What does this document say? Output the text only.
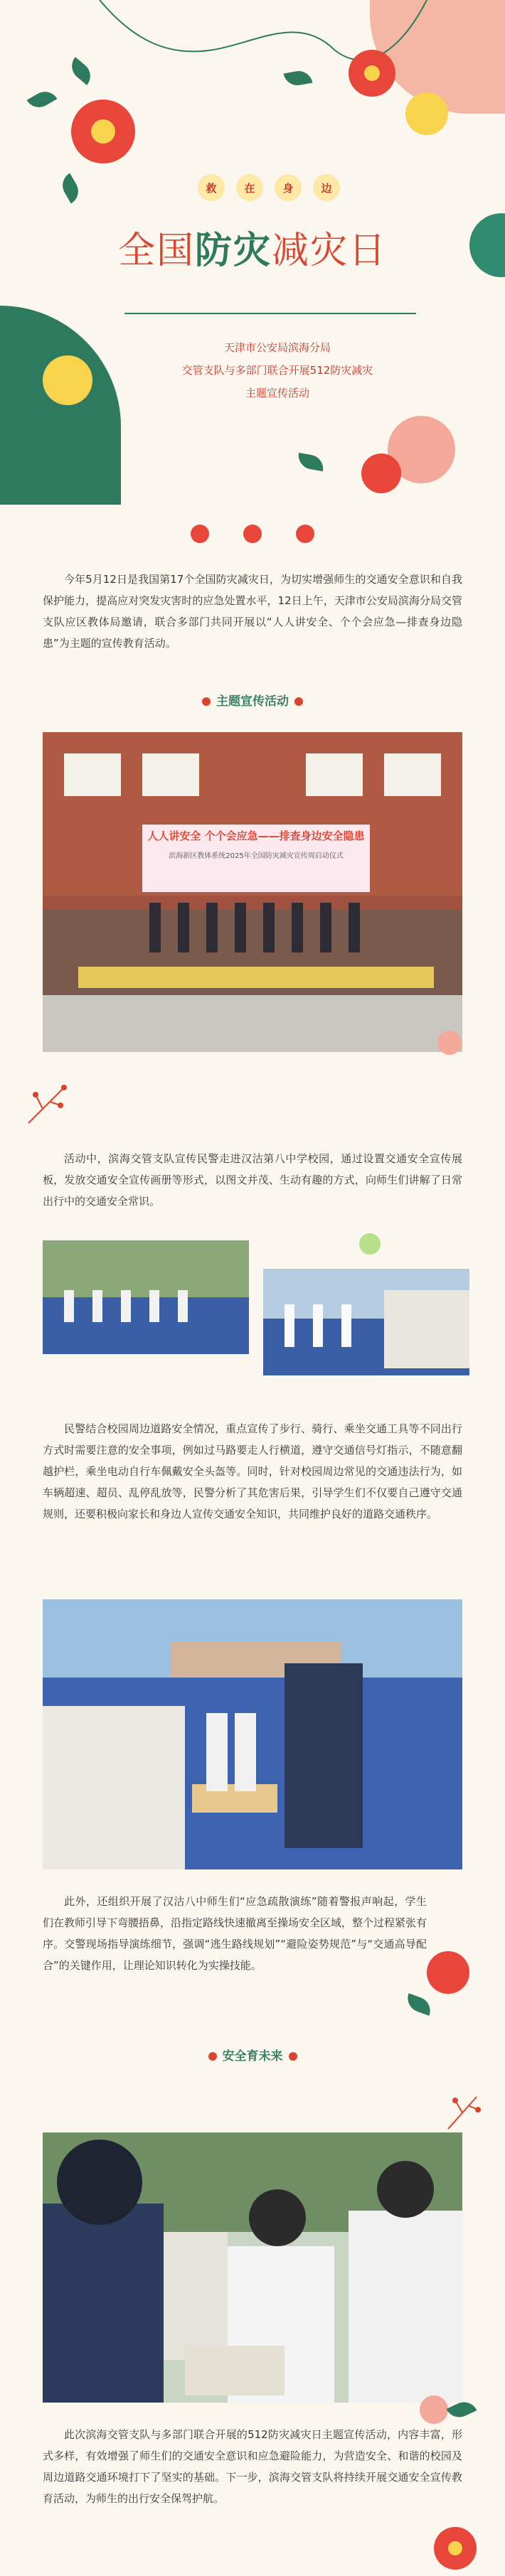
救	在	身	边
全国防灾减灾日
天津市公安局滨海分局
交管支队与多部门联合开展512防灾减灾
主题宣传活动
今年5月12日是我国第17个全国防灾减灾日，为切实增强师生的交通安全意识和自我保护能力，提高应对突发灾害时的应急处置水平，12日上午，天津市公安局滨海分局交管支队应区教体局邀请，联合多部门共同开展以“人人讲安全、个个会应急—排查身边隐患”为主题的宣传教育活动。
主题宣传活动
人人讲安全 个个会应急——排查身边安全隐患
滨海新区教体系统2025年全国防灾减灾宣传周启动仪式
活动中，滨海交管支队宣传民警走进汉沽第八中学校园，通过设置交通安全宣传展板，发放交通安全宣传画册等形式，以图文并茂、生动有趣的方式，向师生们讲解了日常出行中的交通安全常识。
民警结合校园周边道路安全情况，重点宣传了步行、骑行、乘坐交通工具等不同出行方式时需要注意的安全事项，例如过马路要走人行横道，遵守交通信号灯指示，不随意翻越护栏，乘坐电动自行车佩戴安全头盔等。同时，针对校园周边常见的交通违法行为，如车辆超速、超员、乱停乱放等，民警分析了其危害后果，引导学生们不仅要自己遵守交通规则，还要积极向家长和身边人宣传交通安全知识，共同维护良好的道路交通秩序。
此外，还组织开展了汉沽八中师生们“应急疏散演练”随着警报声响起，学生们在教师引导下弯腰捂鼻，沿指定路线快速撤离至操场安全区域，整个过程紧张有序。交警现场指导演练细节，强调“逃生路线规划”“避险姿势规范”与“交通高导配合”的关键作用，让理论知识转化为实操技能。
安全育未来
此次滨海交管支队与多部门联合开展的512防灾减灾日主题宣传活动，内容丰富，形式多样，有效增强了师生们的交通安全意识和应急避险能力，为营造安全、和谐的校园及周边道路交通环境打下了坚实的基础。下一步，滨海交管支队将持续开展交通安全宣传教育活动，为师生的出行安全保驾护航。
